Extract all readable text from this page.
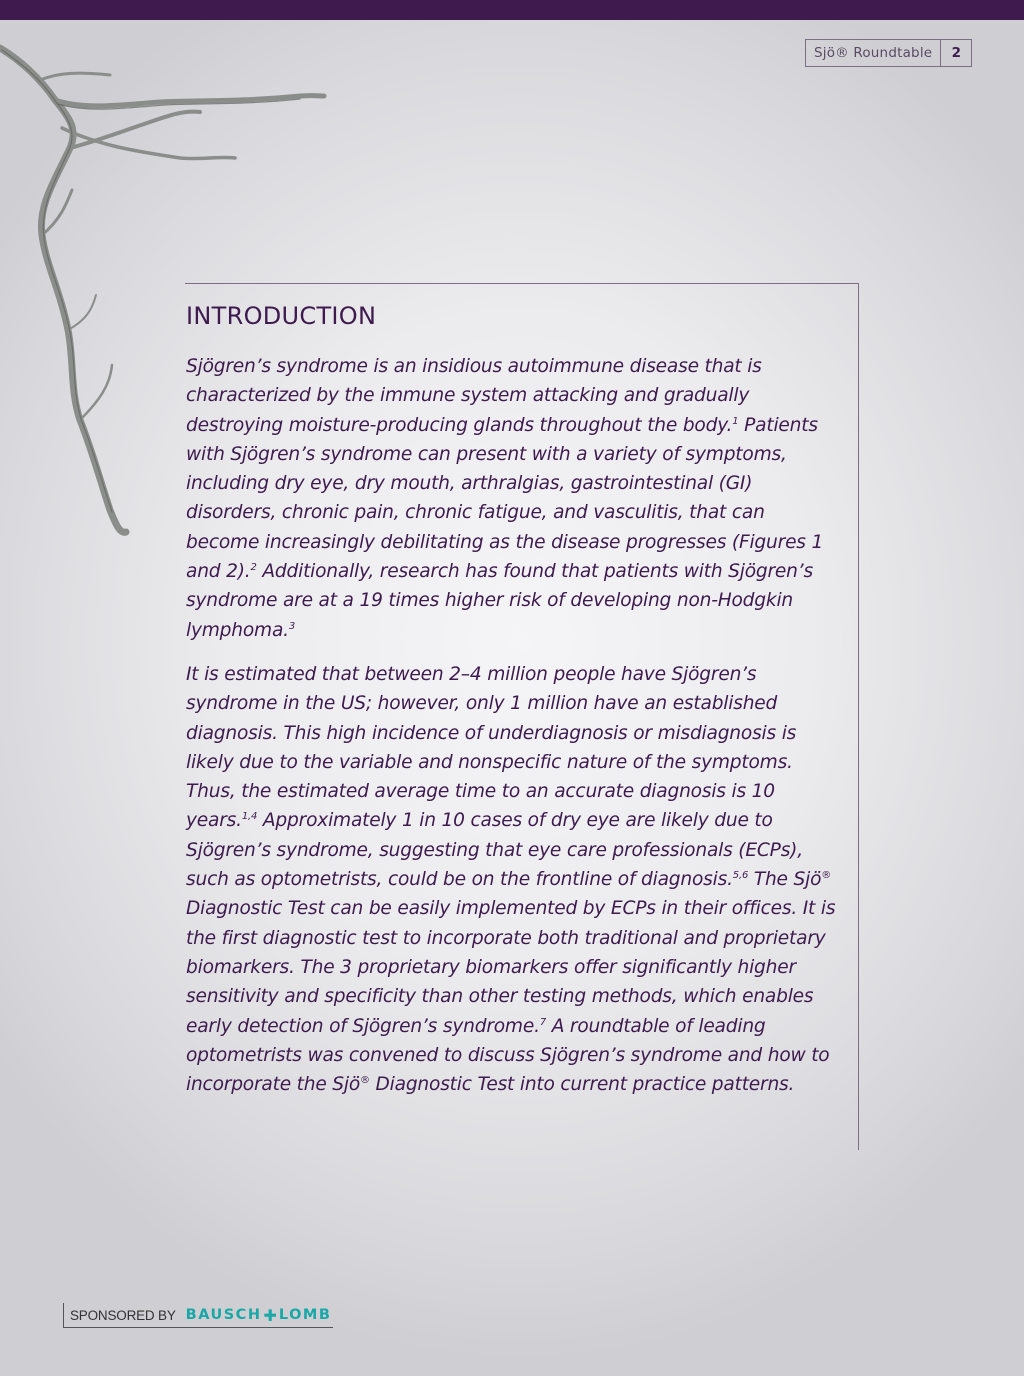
Sjö® Roundtable	2
INTRODUCTION

Sjögren’s syndrome is an insidious autoimmune disease that is characterized by the immune system attacking and gradually destroying moisture-producing glands throughout the body.$^1$ Patients with Sjögren’s syndrome can present with a variety of symptoms, including dry eye, dry mouth, arthralgias, gastrointestinal (GI) disorders, chronic pain, chronic fatigue, and vasculitis, that can become increasingly debilitating as the disease progresses (Figures 1 and 2).$^2$ Additionally, research has found that patients with Sjögren’s syndrome are at a 19 times higher risk of developing non-Hodgkin lymphoma.$^3$

It is estimated that between 2–4 million people have Sjögren’s syndrome in the US; however, only 1 million have an established diagnosis. This high incidence of underdiagnosis or misdiagnosis is likely due to the variable and nonspecific nature of the symptoms. Thus, the estimated average time to an accurate diagnosis is 10 years.$^{1,4}$ Approximately 1 in 10 cases of dry eye are likely due to Sjögren’s syndrome, suggesting that eye care professionals (ECPs), such as optometrists, could be on the frontline of diagnosis.$^{5,6}$ The Sjö® Diagnostic Test can be easily implemented by ECPs in their offices. It is the first diagnostic test to incorporate both traditional and proprietary biomarkers. The 3 proprietary biomarkers offer significantly higher sensitivity and specificity than other testing methods, which enables early detection of Sjögren’s syndrome.$^7$ A roundtable of leading optometrists was convened to discuss Sjögren’s syndrome and how to incorporate the Sjö® Diagnostic Test into current practice patterns.

SPONSORED BY BAUSCH ✚ LOMB
